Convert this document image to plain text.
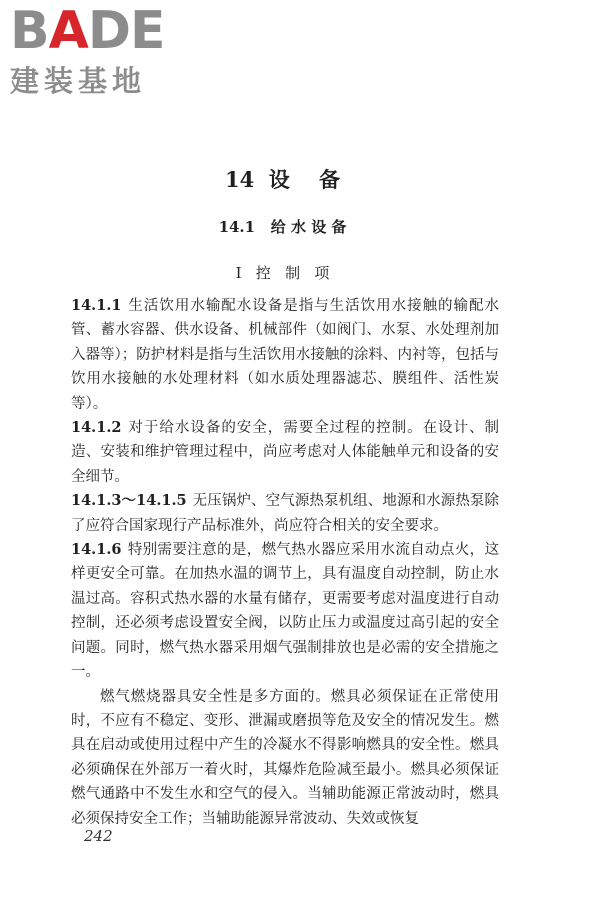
B A DE
建装基地
14  设    备
14.1   给 水 设 备
Ⅰ   控   制   项

14.1.1 生活饮用水输配水设备是指与生活饮用水接触的输配水管、蓄水容器、供水设备、机械部件（如阀门、水泵、水处理剂加入器等）；防护材料是指与生活饮用水接触的涂料、内衬等，包括与饮用水接触的水处理材料（如水质处理器滤芯、膜组件、活性炭等）。

14.1.2 对于给水设备的安全，需要全过程的控制。在设计、制造、安装和维护管理过程中，尚应考虑对人体能触单元和设备的安全细节。

14.1.3～14.1.5 无压锅炉、空气源热泵机组、地源和水源热泵除了应符合国家现行产品标准外，尚应符合相关的安全要求。

14.1.6 特别需要注意的是，燃气热水器应采用水流自动点火，这样更安全可靠。在加热水温的调节上，具有温度自动控制，防止水温过高。容积式热水器的水量有储存，更需要考虑对温度进行自动控制，还必须考虑设置安全阀，以防止压力或温度过高引起的安全问题。同时，燃气热水器采用烟气强制排放也是必需的安全措施之一。

燃气燃烧器具安全性是多方面的。燃具必须保证在正常使用时，不应有不稳定、变形、泄漏或磨损等危及安全的情况发生。燃具在启动或使用过程中产生的冷凝水不得影响燃具的安全性。燃具必须确保在外部万一着火时，其爆炸危险减至最小。燃具必须保证燃气通路中不发生水和空气的侵入。当辅助能源正常波动时，燃具必须保持安全工作；当辅助能源异常波动、失效或恢复

242
